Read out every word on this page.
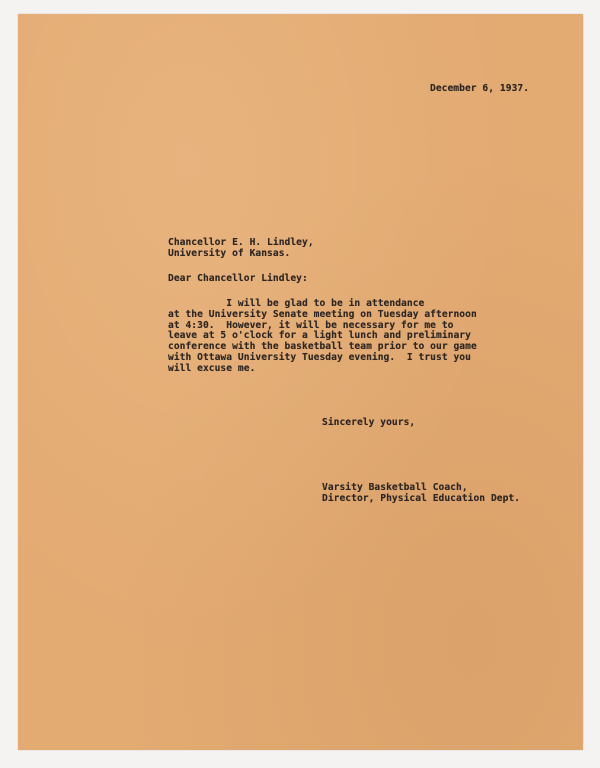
December 6, 1937.
Chancellor E. H. Lindley,
University of Kansas.
Dear Chancellor Lindley:
I will be glad to be in attendance
at the University Senate meeting on Tuesday afternoon
at 4:30.  However, it will be necessary for me to
leave at 5 o'clock for a light lunch and preliminary
conference with the basketball team prior to our game
with Ottawa University Tuesday evening.  I trust you
will excuse me.
Sincerely yours,
Varsity Basketball Coach,
Director, Physical Education Dept.
